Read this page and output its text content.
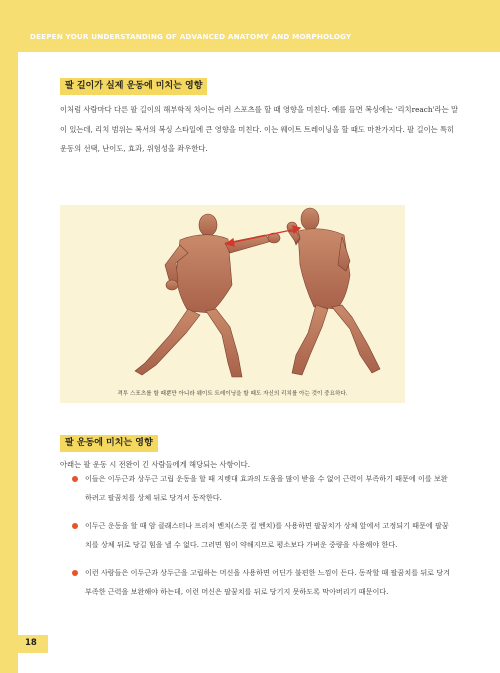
DEEPEN YOUR UNDERSTANDING OF ADVANCED ANATOMY AND MORPHOLOGY
팔 길이가 실제 운동에 미치는 영향
이처럼 사람마다 다른 팔 길이의 해부학적 차이는 여러 스포츠를 할 때 영향을 미친다. 예를 들면 복싱에는 '리치reach'라는 말이 있는데, 리치 범위는 복서의 복싱 스타일에 큰 영향을 미친다. 이는 웨이트 트레이닝을 할 때도 마찬가지다. 팔 길이는 특히 운동의 선택, 난이도, 효과, 위험성을 좌우한다.
격투 스포츠를 할 때뿐만 아니라 웨이트 트레이닝을 할 때도 자신의 리치를 아는 것이 중요하다.
팔 운동에 미치는 영향
아래는 팔 운동 시 전완이 긴 사람들에게 해당되는 사항이다.
이들은 이두근과 상두근 고립 운동을 할 때 지렛대 효과의 도움을 많이 받을 수 없어 근력이 부족하기 때문에 이를 보완하려고 팔꿈치를 상체 뒤로 당겨서 동작한다.
이두근 운동을 할 때 암 클래스터나 프리처 벤치(스콧 컬 벤치)를 사용하면 팔꿈치가 상체 앞에서 고정되기 때문에 팔꿈치를 상체 뒤로 당길 힘을 낼 수 없다. 그러면 힘이 약해지므로 평소보다 가벼운 중량을 사용해야 한다.
이런 사람들은 이두근과 상두근을 고립하는 머신을 사용하면 어딘가 불편한 느낌이 든다. 동작할 때 팔꿈치를 뒤로 당겨 부족한 근력을 보완해야 하는데, 이런 머신은 팔꿈치를 뒤로 당기지 못하도록 막아버리기 때문이다.
18
